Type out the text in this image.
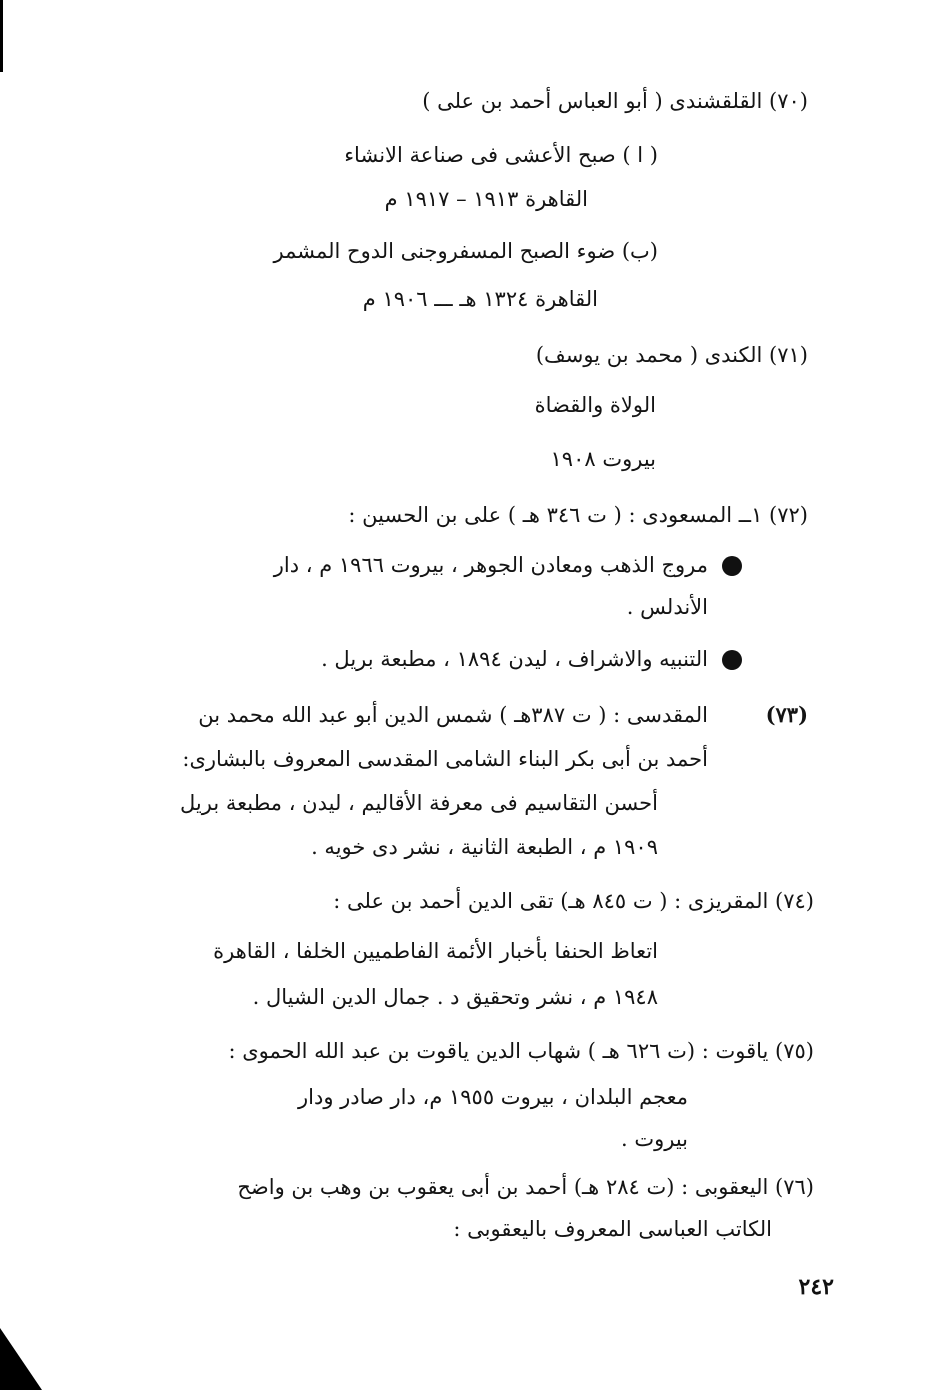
(٧٠) القلقشندى ( أبو العباس أحمد بن على )
( ا ) صبح الأعشى فى صناعة الانشاء
القاهرة ١٩١٣ – ١٩١٧ م
(ب) ضوء الصبح المسفروجنى الدوح المشمر
القاهرة ١٣٢٤ هـ ـــ ١٩٠٦ م
(٧١) الكندى ( محمد بن يوسف)
الولاة والقضاة
بيروت ١٩٠٨
(٧٢) ١ــ المسعودى : ( ت ٣٤٦ هـ ) على بن الحسين :
مروج الذهب ومعادن الجوهر ، بيروت ١٩٦٦ م ، دار
الأندلس .
التنبيه والاشراف ، ليدن ١٨٩٤ ، مطبعة بريل .
(٧٣)
المقدسى : ( ت ٣٨٧هـ ) شمس الدين أبو عبد الله محمد بن
أحمد بن أبى بكر البناء الشامى المقدسى المعروف بالبشارى:
أحسن التقاسيم فى معرفة الأقاليم ، ليدن ، مطبعة بريل
١٩٠٩ م ، الطبعة الثانية ، نشر دى خويه .
(٧٤) المقريزى : ( ت ٨٤٥ هـ) تقى الدين أحمد بن على :
اتعاظ الحنفا بأخبار الأئمة الفاطميين الخلفا ، القاهرة
١٩٤٨ م ، نشر وتحقيق د . جمال الدين الشيال .
(٧٥) ياقوت : (ت ٦٢٦ هـ ) شهاب الدين ياقوت بن عبد الله الحموى :
معجم البلدان ، بيروت ١٩٥٥ م، دار صادر ودار
بيروت .
(٧٦) اليعقوبى : (ت ٢٨٤ هـ) أحمد بن أبى يعقوب بن وهب بن واضح
الكاتب العباسى المعروف باليعقوبى :
٢٤٢
